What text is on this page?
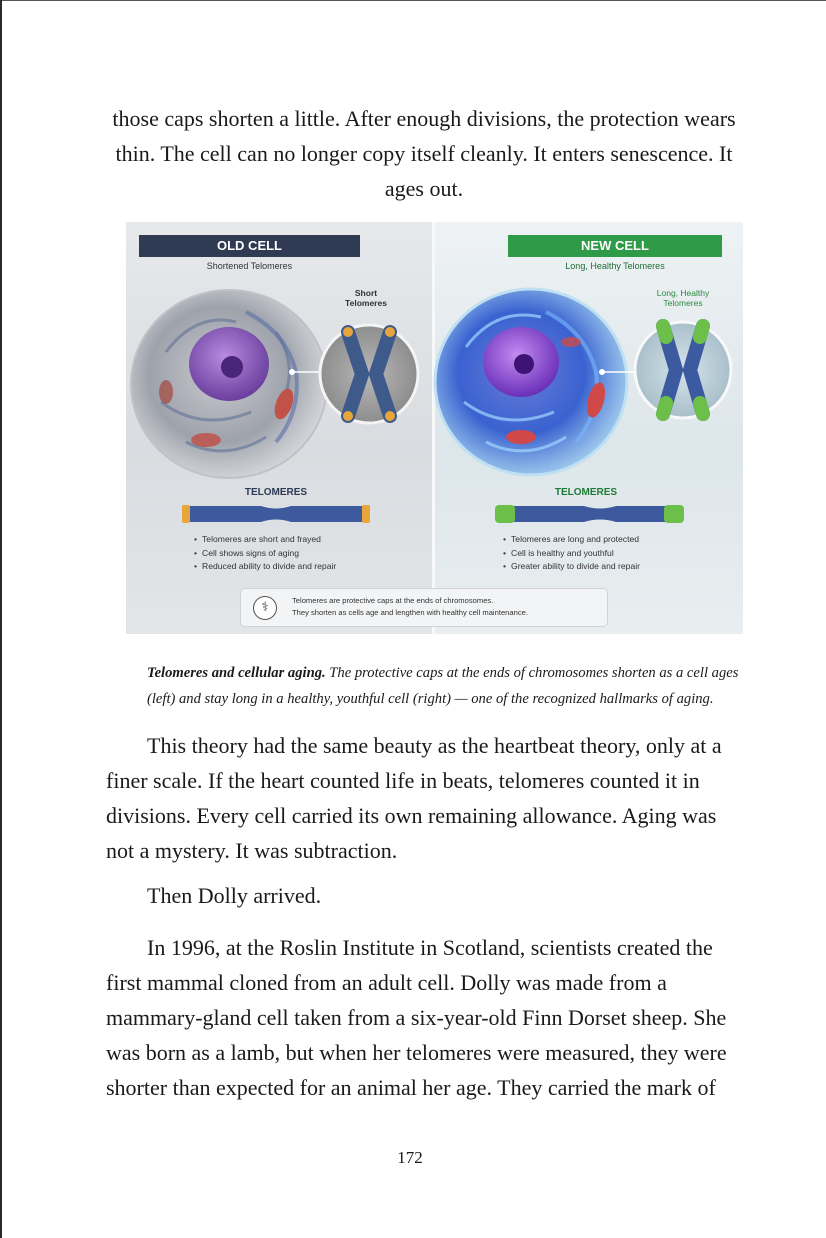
those caps shorten a little. After enough divisions, the protection wears thin. The cell can no longer copy itself cleanly. It enters senescence. It ages out.

OLD CELL	NEW CELL
Shortened Telomeres	Long, Healthy Telomeres
Short Telomeres
Long, Healthy Telomeres
TELOMERES	TELOMERES
• Telomeres are short and frayed
• Cell shows signs of aging
• Reduced ability to divide and repair
• Telomeres are long and protected
• Cell is healthy and youthful
• Greater ability to divide and repair
⚕	Telomeres are protective caps at the ends of chromosomes.
They shorten as cells age and lengthen with healthy cell maintenance.

Telomeres and cellular aging. The protective caps at the ends of chromosomes shorten as a cell ages (left) and stay long in a healthy, youthful cell (right) — one of the recognized hallmarks of aging.

This theory had the same beauty as the heartbeat theory, only at a finer scale. If the heart counted life in beats, telomeres counted it in divisions. Every cell carried its own remaining allowance. Aging was not a mystery. It was subtraction.

Then Dolly arrived.

In 1996, at the Roslin Institute in Scotland, scientists created the first mammal cloned from an adult cell. Dolly was made from a mammary-gland cell taken from a six-year-old Finn Dorset sheep. She was born as a lamb, but when her telomeres were measured, they were shorter than expected for an animal her age. They carried the mark of

172
